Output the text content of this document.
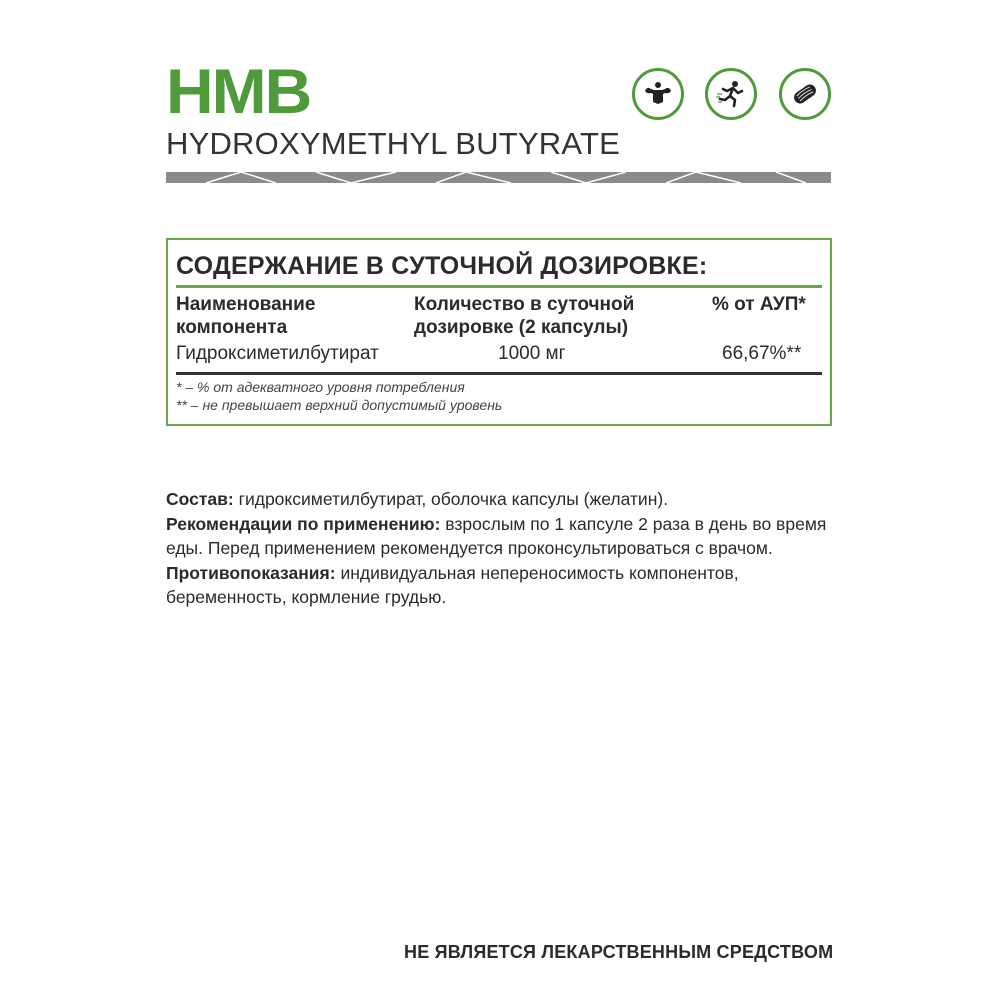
HMB
HYDROXYMETHYL BUTYRATE
СОДЕРЖАНИЕ В СУТОЧНОЙ ДОЗИРОВКЕ:
Наименование
компонента
Количество в суточной
дозировке (2 капсулы)
% от АУП*
Гидроксиметилбутират	1000 мг	66,67%**
* – % от адекватного уровня потребления
** – не превышает верхний допустимый уровень

Состав: гидроксиметилбутират, оболочка капсулы (желатин).

Рекомендации по применению: взрослым по 1 капсуле 2 раза в день во время еды. Перед применением рекомендуется проконсультироваться с врачом.

Противопоказания: индивидуальная непереносимость компонентов, беременность, кормление грудью.

НЕ ЯВЛЯЕТСЯ ЛЕКАРСТВЕННЫМ СРЕДСТВОМ
